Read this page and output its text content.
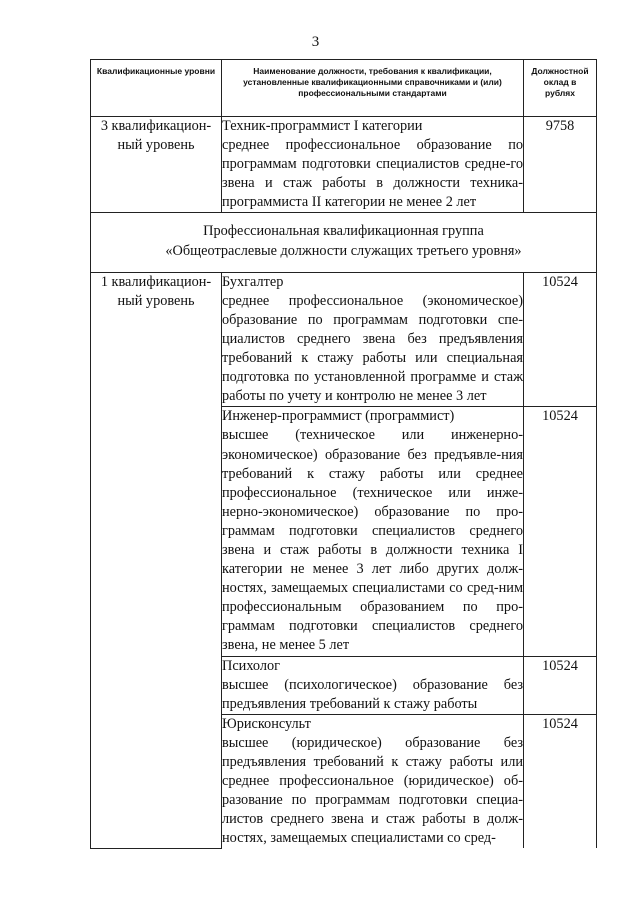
3
Квалификационные уровни	Наименование должности, требования к квалификации, установленные квалификационными справочниками и (или) профессиональными стандартами	Должностной оклад в рублях

3 квалификацион-ный уровень	Техник-программист I категории
среднее профессиональное образование по программам подготовки специалистов средне-го звена и стаж работы в должности техника-программиста II категории не менее 2 лет	9758

Профессиональная квалификационная группа
«Общеотраслевые должности служащих третьего уровня»		

1 квалификацион-ный уровень	Бухгалтер
среднее профессиональное (экономическое) образование по программам подготовки спе-циалистов среднего звена без предъявления требований к стажу работы или специальная подготовка по установленной программе и стаж работы по учету и контролю не менее 3 лет	10524

	Инженер-программист (программист)
высшее (техническое или инженерно-экономическое) образование без предъявле-ния требований к стажу работы или среднее профессиональное (техническое или инже-нерно-экономическое) образование по про-граммам подготовки специалистов среднего звена и стаж работы в должности техника I категории не менее 3 лет либо других долж-ностях, замещаемых специалистами со сред-ним профессиональным образованием по про-граммам подготовки специалистов среднего звена, не менее 5 лет	10524

	Психолог
высшее (психологическое) образование без предъявления требований к стажу работы	10524

	Юрисконсульт
высшее (юридическое) образование без предъявления требований к стажу работы или среднее профессиональное (юридическое) об-разование по программам подготовки специа-листов среднего звена и стаж работы в долж-ностях, замещаемых специалистами со сред-	10524
